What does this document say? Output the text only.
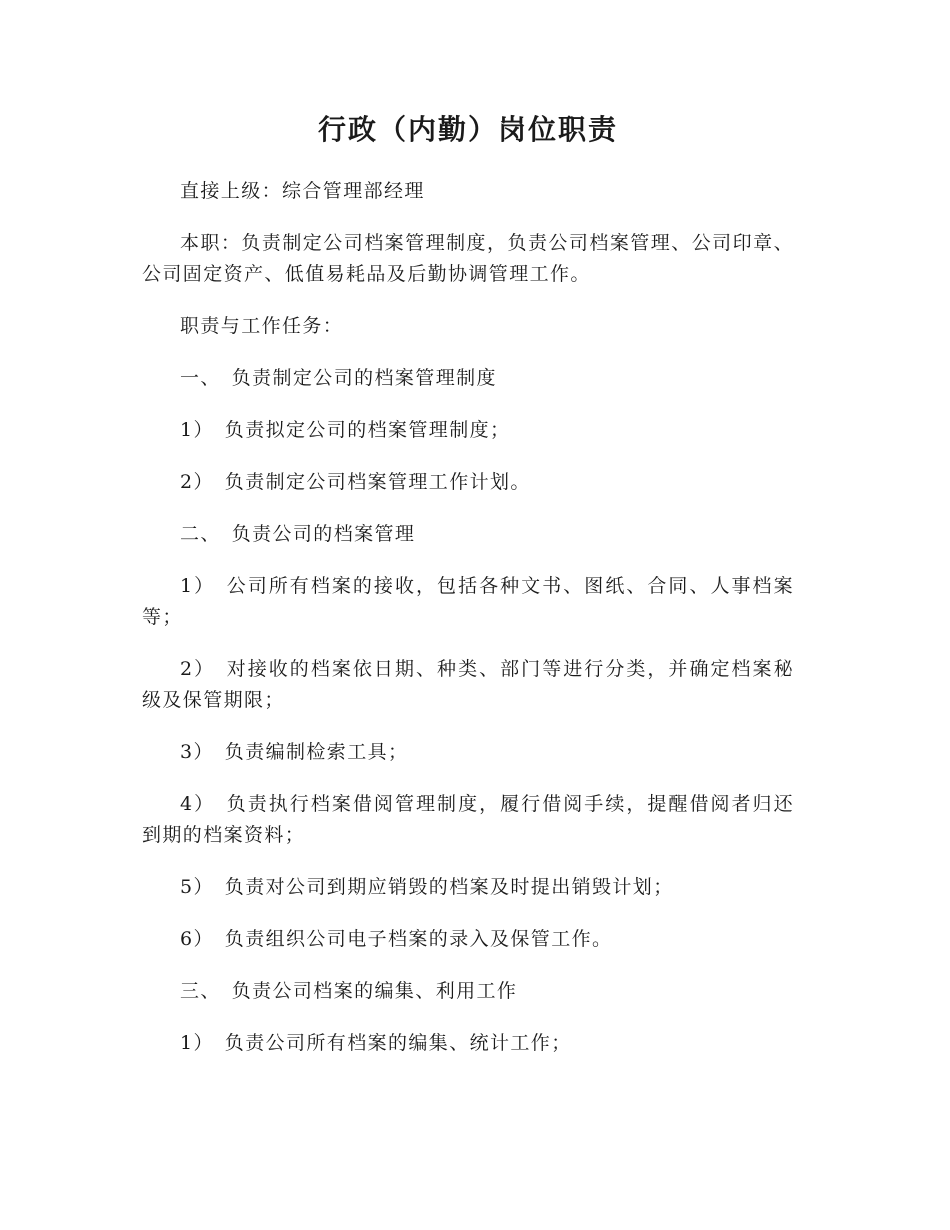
行政（内勤）岗位职责

直接上级：综合管理部经理

本职：负责制定公司档案管理制度，负责公司档案管理、公司印章、公司固定资产、低值易耗品及后勤协调管理工作。

职责与工作任务：

一、　负责制定公司的档案管理制度

1）　负责拟定公司的档案管理制度；

2）　负责制定公司档案管理工作计划。

二、　负责公司的档案管理

1）　公司所有档案的接收，包括各种文书、图纸、合同、人事档案等；

2）　对接收的档案依日期、种类、部门等进行分类，并确定档案秘级及保管期限；

3）　负责编制检索工具；

4）　负责执行档案借阅管理制度，履行借阅手续，提醒借阅者归还到期的档案资料；

5）　负责对公司到期应销毁的档案及时提出销毁计划；

6）　负责组织公司电子档案的录入及保管工作。

三、　负责公司档案的编集、利用工作

1）　负责公司所有档案的编集、统计工作；
